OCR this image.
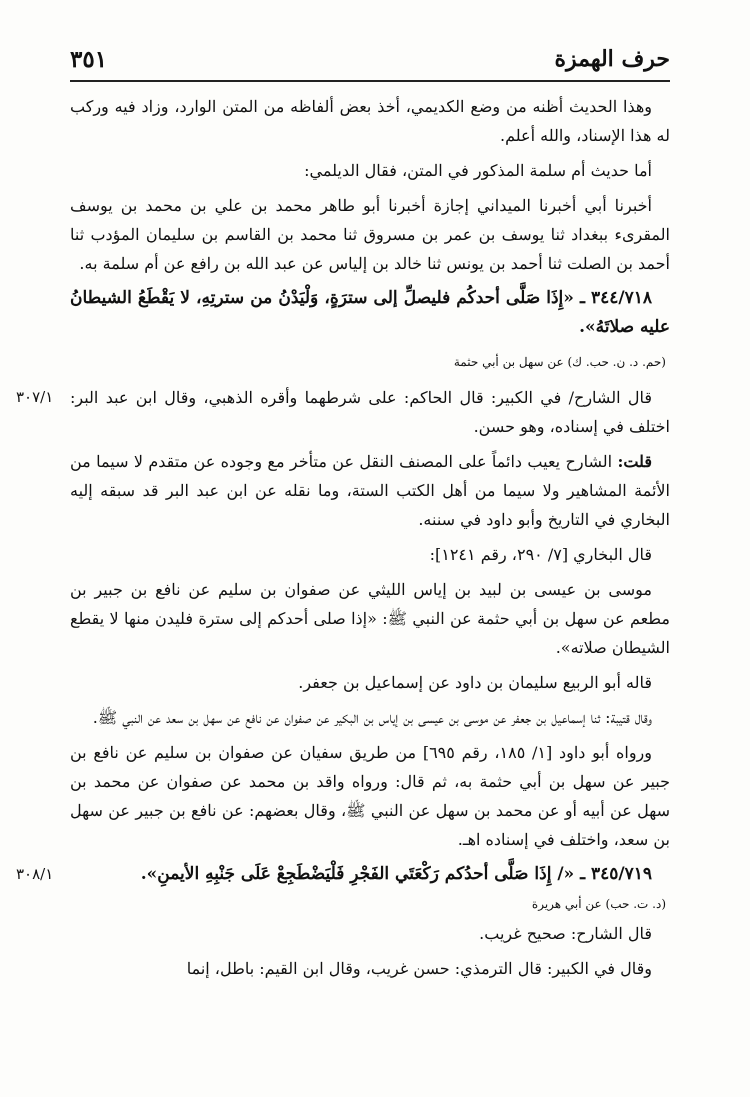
حرف الهمزة
٣٥١

وهذا الحديث أظنه من وضع الكديمي، أخذ بعض ألفاظه من المتن الوارد، وزاد فيه وركب له هذا الإسناد، والله أعلم.

أما حديث أم سلمة المذكور في المتن، فقال الديلمي:

أخبرنا أبي أخبرنا الميداني إجازة أخبرنا أبو طاهر محمد بن علي بن محمد بن يوسف المقرىء ببغداد ثنا يوسف بن عمر بن مسروق ثنا محمد بن القاسم بن سليمان المؤدب ثنا أحمد بن الصلت ثنا أحمد بن يونس ثنا خالد بن إلياس عن عبد الله بن رافع عن أم سلمة به.

٣٤٤/٧١٨ ـ «إِذَا صَلَّى أحدكُم فليصلِّ إلى سترَةٍ، وَلْيَدْنُ من سترتِهِ، لا يَقْطَعُ الشيطانُ عليه صلاتَهُ».

(حم. د. ن. حب. ك) عن سهل بن أبي حثمة

٣٠٧/١	قال الشارح/ في الكبير: قال الحاكم: على شرطهما وأقره الذهبي، وقال ابن عبد البر: اختلف في إسناده، وهو حسن.

قلت: الشارح يعيب دائماً على المصنف النقل عن متأخر مع وجوده عن متقدم لا سيما من الأئمة المشاهير ولا سيما من أهل الكتب الستة، وما نقله عن ابن عبد البر قد سبقه إليه البخاري في التاريخ وأبو داود في سننه.

قال البخاري [٧/ ٢٩٠، رقم ١٢٤١]:

موسى بن عيسى بن لبيد بن إياس الليثي عن صفوان بن سليم عن نافع بن جبير بن مطعم عن سهل بن أبي حثمة عن النبي ﷺ: «إذا صلى أحدكم إلى سترة فليدن منها لا يقطع الشيطان صلاته».

قاله أبو الربيع سليمان بن داود عن إسماعيل بن جعفر.

وقال قتيبة: ثنا إسماعيل بن جعفر عن موسى بن عيسى بن إياس بن البكير عن صفوان عن نافع عن سهل بن سعد عن النبي ﷺ.

ورواه أبو داود [١/ ١٨٥، رقم ٦٩٥] من طريق سفيان عن صفوان بن سليم عن نافع بن جبير عن سهل بن أبي حثمة به، ثم قال: ورواه واقد بن محمد عن صفوان عن محمد بن سهل عن أبيه أو عن محمد بن سهل عن النبي ﷺ، وقال بعضهم: عن نافع بن جبير عن سهل بن سعد، واختلف في إسناده اهـ.

٣٠٨/١	٣٤٥/٧١٩ ـ «/ إِذَا صَلَّى أحدُكم رَكْعَتَي الفَجْرِ فَلْيَضْطَجِعْ عَلَى جَنْبِهِ الأيمنِ».

(د. ت. حب) عن أبي هريرة

قال الشارح: صحيح غريب.

وقال في الكبير: قال الترمذي: حسن غريب، وقال ابن القيم: باطل، إنما
